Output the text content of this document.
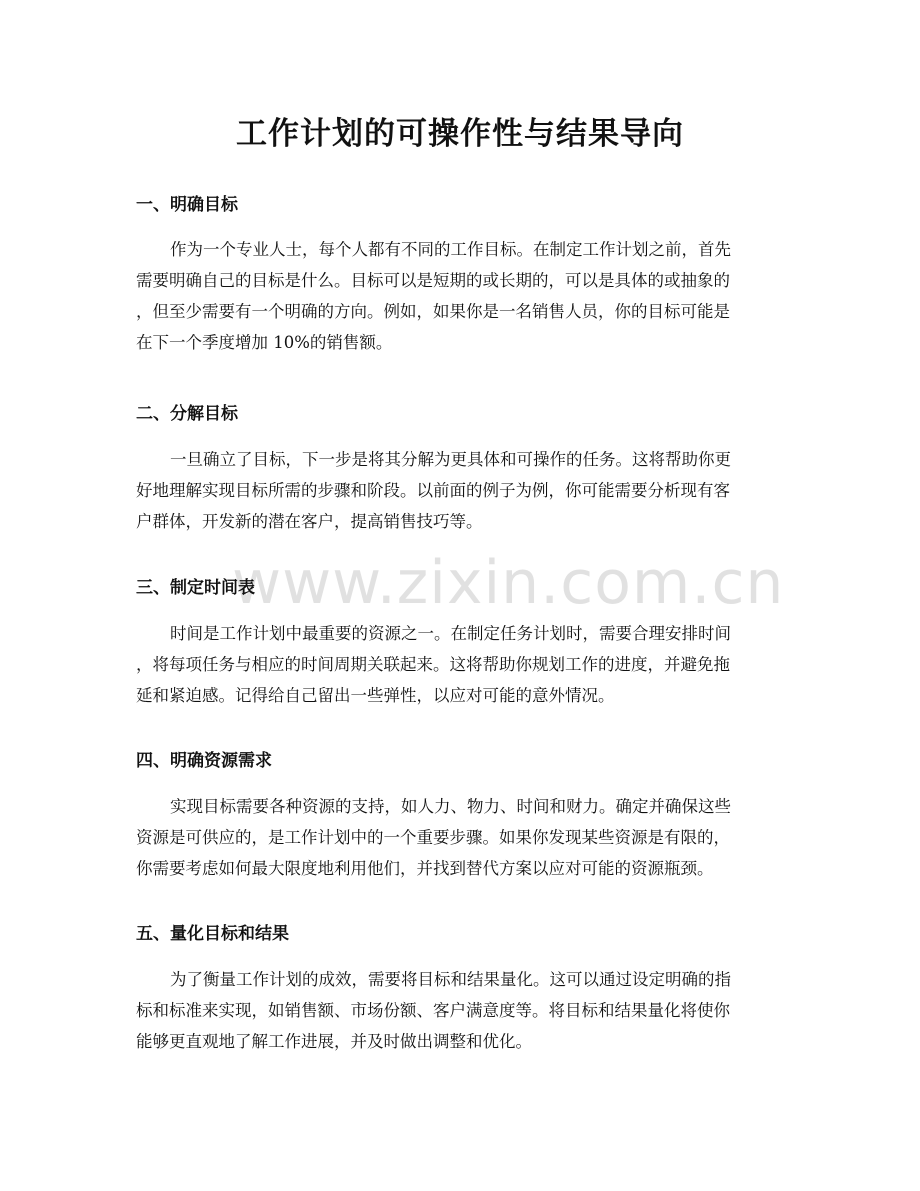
工作计划的可操作性与结果导向
www.zixin.com.cn
一、明确目标
作为一个专业人士，每个人都有不同的工作目标。在制定工作计划之前，首先
需要明确自己的目标是什么。目标可以是短期的或长期的，可以是具体的或抽象的
，但至少需要有一个明确的方向。例如，如果你是一名销售人员，你的目标可能是
在下一个季度增加 10%的销售额。
二、分解目标
一旦确立了目标，下一步是将其分解为更具体和可操作的任务。这将帮助你更
好地理解实现目标所需的步骤和阶段。以前面的例子为例，你可能需要分析现有客
户群体，开发新的潜在客户，提高销售技巧等。
三、制定时间表
时间是工作计划中最重要的资源之一。在制定任务计划时，需要合理安排时间
，将每项任务与相应的时间周期关联起来。这将帮助你规划工作的进度，并避免拖
延和紧迫感。记得给自己留出一些弹性，以应对可能的意外情况。
四、明确资源需求
实现目标需要各种资源的支持，如人力、物力、时间和财力。确定并确保这些
资源是可供应的，是工作计划中的一个重要步骤。如果你发现某些资源是有限的，
你需要考虑如何最大限度地利用他们，并找到替代方案以应对可能的资源瓶颈。
五、量化目标和结果
为了衡量工作计划的成效，需要将目标和结果量化。这可以通过设定明确的指
标和标准来实现，如销售额、市场份额、客户满意度等。将目标和结果量化将使你
能够更直观地了解工作进展，并及时做出调整和优化。
